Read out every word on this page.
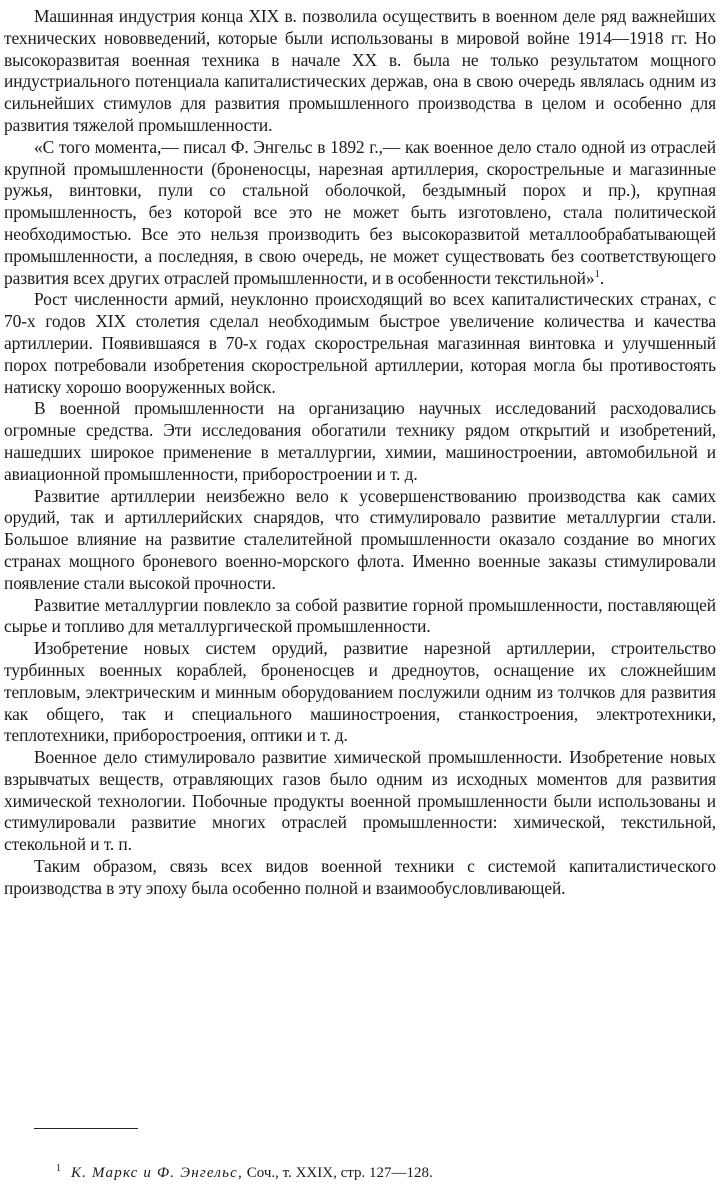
Машинная индустрия конца XIX в. позволила осуществить в военном деле ряд важнейших технических нововведений, которые были использованы в мировой войне 1914—1918 гг. Но высокоразвитая военная техника в начале XX в. была не только результатом мощного индустриального потенциала капиталистических держав, она в свою очередь являлась одним из сильнейших стимулов для развития промышленного производства в целом и особенно для развития тяжелой промышленности.

«С того момента,— писал Ф. Энгельс в 1892 г.,— как военное дело стало одной из отраслей крупной промышленности (броненосцы, нарезная артиллерия, скорострельные и магазинные ружья, винтовки, пули со стальной оболочкой, бездымный порох и пр.), крупная промышленность, без которой все это не может быть изготовлено, стала политической необходимостью. Все это нельзя производить без высокоразвитой металлообрабатывающей промышленности, а последняя, в свою очередь, не может существовать без соответствующего развития всех других отраслей промышленности, и в особенности текстильной»$^1$.

Рост численности армий, неуклонно происходящий во всех капиталистических странах, с 70-х годов XIX столетия сделал необходимым быстрое увеличение количества и качества артиллерии. Появившаяся в 70-х годах скорострельная магазинная винтовка и улучшенный порох потребовали изобретения скорострельной артиллерии, которая могла бы противостоять натиску хорошо вооруженных войск.

В военной промышленности на организацию научных исследований расходовались огромные средства. Эти исследования обогатили технику рядом открытий и изобретений, нашедших широкое применение в металлургии, химии, машиностроении, автомобильной и авиационной промышленности, приборостроении и т. д.

Развитие артиллерии неизбежно вело к усовершенствованию производства как самих орудий, так и артиллерийских снарядов, что стимулировало развитие металлургии стали. Большое влияние на развитие сталелитейной промышленности оказало создание во многих странах мощного броневого военно-морского флота. Именно военные заказы стимулировали появление стали высокой прочности.

Развитие металлургии повлекло за собой развитие горной промышленности, поставляющей сырье и топливо для металлургической промышленности.

Изобретение новых систем орудий, развитие нарезной артиллерии, строительство турбинных военных кораблей, броненосцев и дредноутов, оснащение их сложнейшим тепловым, электрическим и минным оборудованием послужили одним из толчков для развития как общего, так и специального машиностроения, станкостроения, электротехники, теплотехники, приборостроения, оптики и т. д.

Военное дело стимулировало развитие химической промышленности. Изобретение новых взрывчатых веществ, отравляющих газов было одним из исходных моментов для развития химической технологии. Побочные продукты военной промышленности были использованы и стимулировали развитие многих отраслей промышленности: химической, текстильной, стекольной и т. п.

Таким образом, связь всех видов военной техники с системой капиталистического производства в эту эпоху была особенно полной и взаимообусловливающей.

$^1$ К. Маркс и Ф. Энгельс, Соч., т. XXIX, стр. 127—128.
